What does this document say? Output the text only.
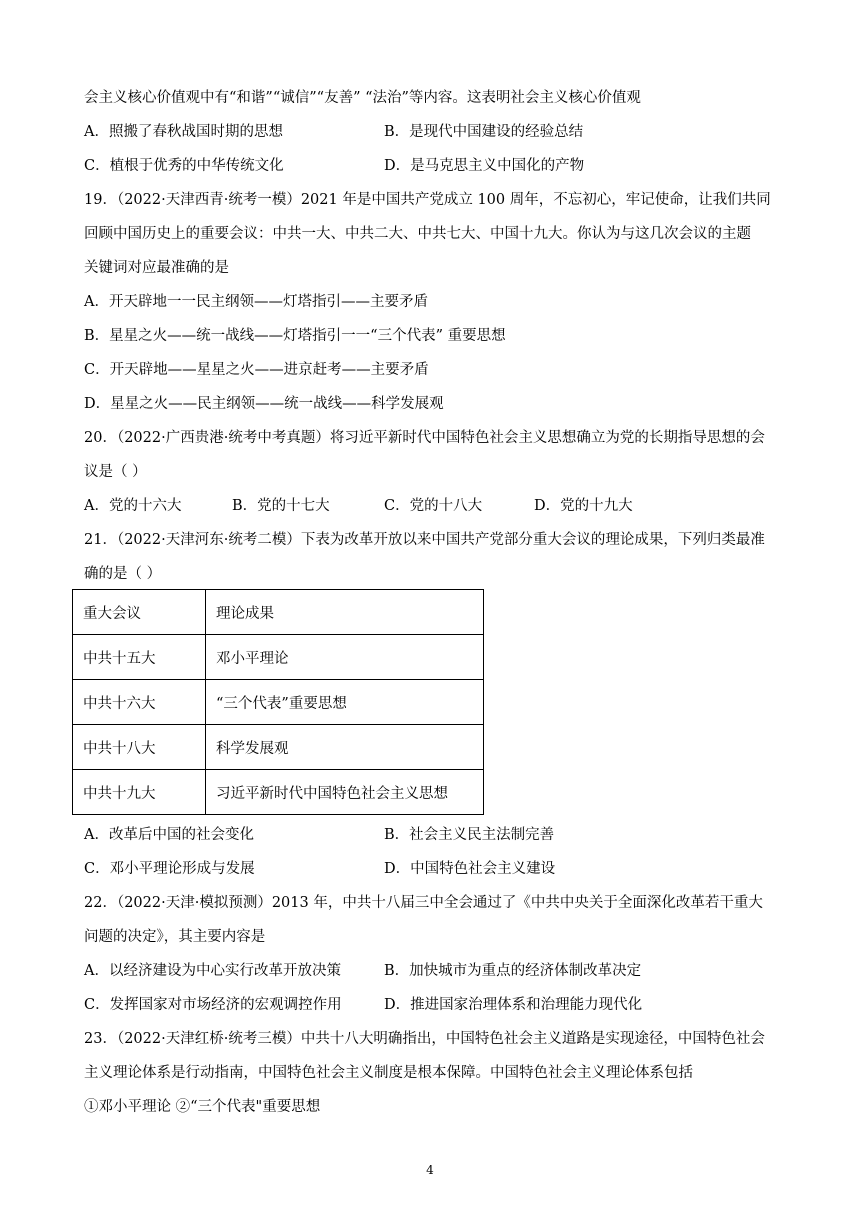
会主义核心价值观中有“和谐”“诚信”“友善” “法治”等内容。这表明社会主义核心价值观
A．照搬了春秋战国时期的思想	B．是现代中国建设的经验总结
C．植根于优秀的中华传统文化	D．是马克思主义中国化的产物
19．（2022·天津西青·统考一模）2021 年是中国共产党成立 100 周年，不忘初心，牢记使命，让我们共同
回顾中国历史上的重要会议：中共一大、中共二大、中共七大、中国十九大。你认为与这几次会议的主题
关键词对应最准确的是
A．开天辟地一一民主纲领——灯塔指引——主要矛盾
B．星星之火——统一战线——灯塔指引一一“三个代表” 重要思想
C．开天辟地——星星之火——进京赶考——主要矛盾
D．星星之火——民主纲领——统一战线——科学发展观
20．（2022·广西贵港·统考中考真题）将习近平新时代中国特色社会主义思想确立为党的长期指导思想的会
议是（ ）
A．党的十六大	B．党的十七大	C．党的十八大	D．党的十九大
21．（2022·天津河东·统考二模）下表为改革开放以来中国共产党部分重大会议的理论成果，下列归类最准
确的是（ ）
重大会议	理论成果
中共十五大	邓小平理论
中共十六大	“三个代表”重要思想
中共十八大	科学发展观
中共十九大	习近平新时代中国特色社会主义思想
A．改革后中国的社会变化	B．社会主义民主法制完善
C．邓小平理论形成与发展	D．中国特色社会主义建设
22．（2022·天津·模拟预测）2013 年，中共十八届三中全会通过了《中共中央关于全面深化改革若干重大
问题的决定》，其主要内容是
A．以经济建设为中心实行改革开放决策	B．加快城市为重点的经济体制改革决定
C．发挥国家对市场经济的宏观调控作用	D．推进国家治理体系和治理能力现代化
23．（2022·天津红桥·统考三模）中共十八大明确指出，中国特色社会主义道路是实现途径，中国特色社会
主义理论体系是行动指南，中国特色社会主义制度是根本保障。中国特色社会主义理论体系包括
①邓小平理论 ②“三个代表"重要思想
4
